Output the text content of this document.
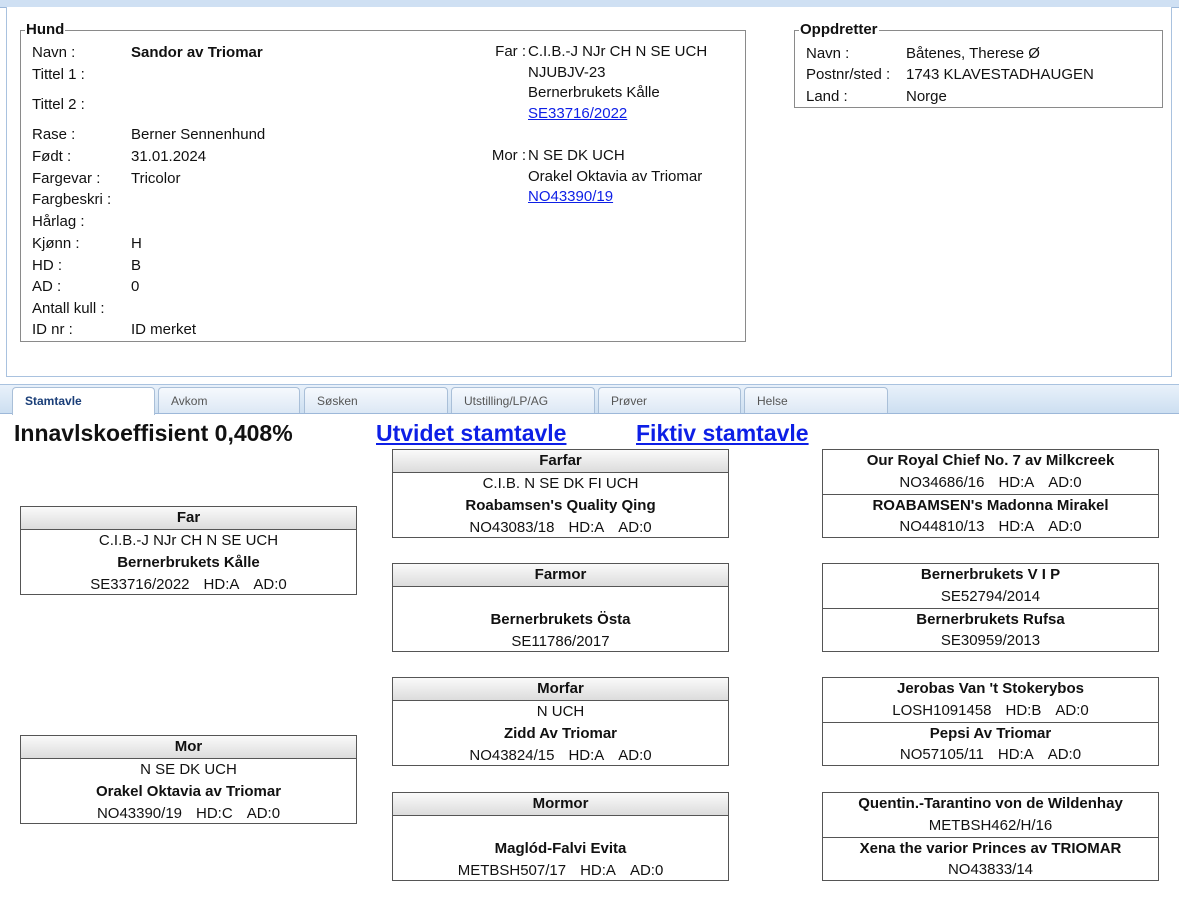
Hund
Navn :	Sandor av Triomar
Tittel 1 :
Tittel 2 :
Rase :	Berner Sennenhund
Født :	31.01.2024
Fargevar : Tricolor
Fargbeskri :
Hårlag :
Kjønn :	H
HD :	B
AD :	0
Antall kull :
ID nr :	ID merket
Far : C.I.B.-J NJr CH N SE UCH
NJUBJV-23
Bernerbrukets Kålle
SE33716/2022
Mor : N SE DK UCH
Orakel Oktavia av Triomar
NO43390/19
Oppdretter
Navn :	Båtenes, Therese Ø
Postnr/sted : 1743 KLAVESTADHAUGEN
Land :	Norge
Stamtavle	Avkom	Søsken	Utstilling/LP/AG	Prøver	Helse
Innavlskoeffisient 0,408%	Utvidet stamtavle	Fiktiv stamtavle
Far
C.I.B.-J NJr CH N SE UCH
Bernerbrukets Kålle
SE33716/2022 HD:A AD:0
Mor
N SE DK UCH
Orakel Oktavia av Triomar
NO43390/19 HD:C AD:0
Farfar
C.I.B. N SE DK FI UCH
Roabamsen's Quality Qing
NO43083/18 HD:A AD:0
Farmor
Bernerbrukets Östa
SE11786/2017
Morfar
N UCH
Zidd Av Triomar
NO43824/15 HD:A AD:0
Mormor
Maglód-Falvi Evita
METBSH507/17 HD:A AD:0
Our Royal Chief No. 7 av Milkcreek
NO34686/16 HD:A AD:0
ROABAMSEN's Madonna Mirakel
NO44810/13 HD:A AD:0
Bernerbrukets V I P
SE52794/2014
Bernerbrukets Rufsa
SE30959/2013
Jerobas Van 't Stokerybos
LOSH1091458 HD:B AD:0
Pepsi Av Triomar
NO57105/11 HD:A AD:0
Quentin.-Tarantino von de Wildenhay
METBSH462/H/16
Xena the varior Princes av TRIOMAR
NO43833/14
